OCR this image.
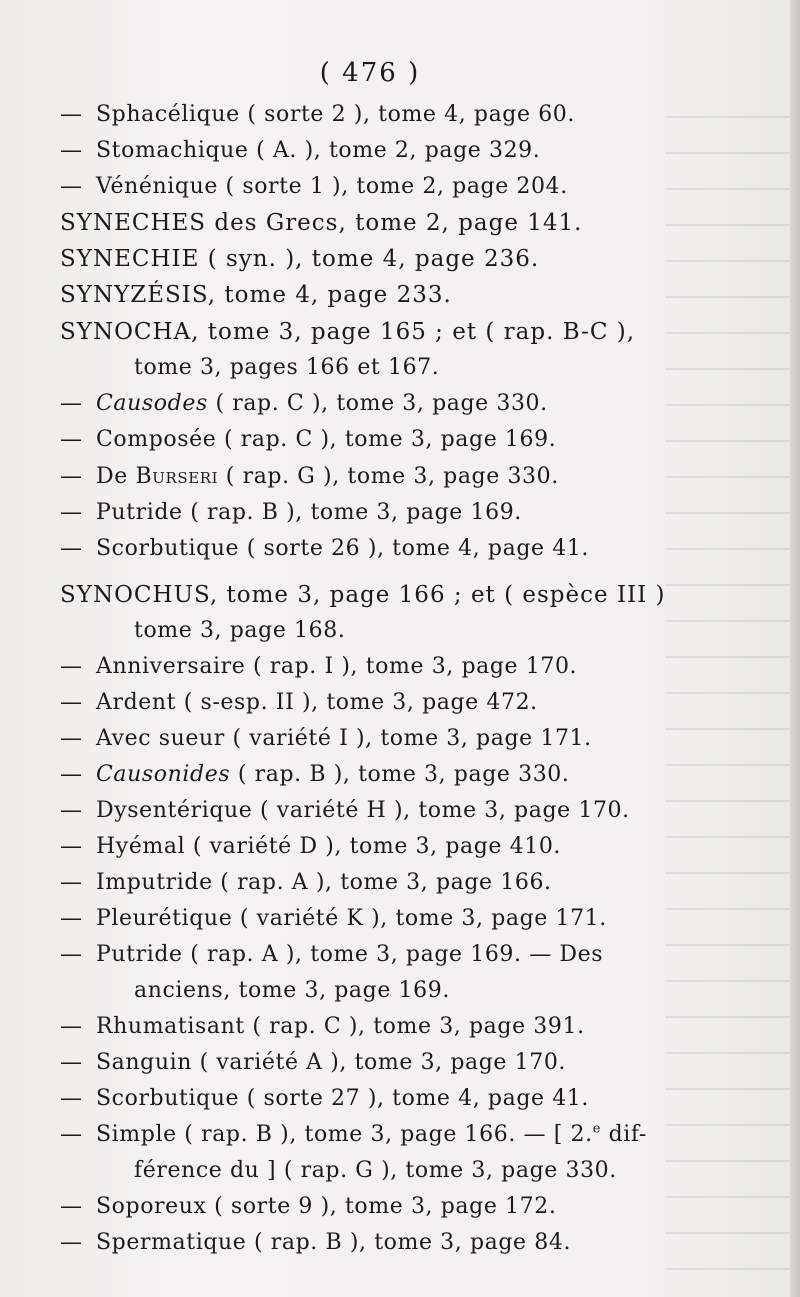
( 476 )
— Sphacélique ( sorte 2 ), tome 4, page 60.
— Stomachique ( A. ), tome 2, page 329.
— Vénénique ( sorte 1 ), tome 2, page 204.
SYNECHES des Grecs, tome 2, page 141.
SYNECHIE ( syn. ), tome 4, page 236.
SYNYZÉSIS, tome 4, page 233.
SYNOCHA, tome 3, page 165 ; et ( rap. B-C ),
tome 3, pages 166 et 167.
— Causodes ( rap. C ), tome 3, page 330.
— Composée ( rap. C ), tome 3, page 169.
— De Burseri ( rap. G ), tome 3, page 330.
— Putride ( rap. B ), tome 3, page 169.
— Scorbutique ( sorte 26 ), tome 4, page 41.
SYNOCHUS, tome 3, page 166 ; et ( espèce III )
tome 3, page 168.
— Anniversaire ( rap. I ), tome 3, page 170.
— Ardent ( s-esp. II ), tome 3, page 472.
— Avec sueur ( variété I ), tome 3, page 171.
— Causonides ( rap. B ), tome 3, page 330.
— Dysentérique ( variété H ), tome 3, page 170.
— Hyémal ( variété D ), tome 3, page 410.
— Imputride ( rap. A ), tome 3, page 166.
— Pleurétique ( variété K ), tome 3, page 171.
— Putride ( rap. A ), tome 3, page 169. — Des
anciens, tome 3, page 169.
— Rhumatisant ( rap. C ), tome 3, page 391.
— Sanguin ( variété A ), tome 3, page 170.
— Scorbutique ( sorte 27 ), tome 4, page 41.
— Simple ( rap. B ), tome 3, page 166. — [ 2.$^e$ dif-
férence du ] ( rap. G ), tome 3, page 330.
— Soporeux ( sorte 9 ), tome 3, page 172.
— Spermatique ( rap. B ), tome 3, page 84.
